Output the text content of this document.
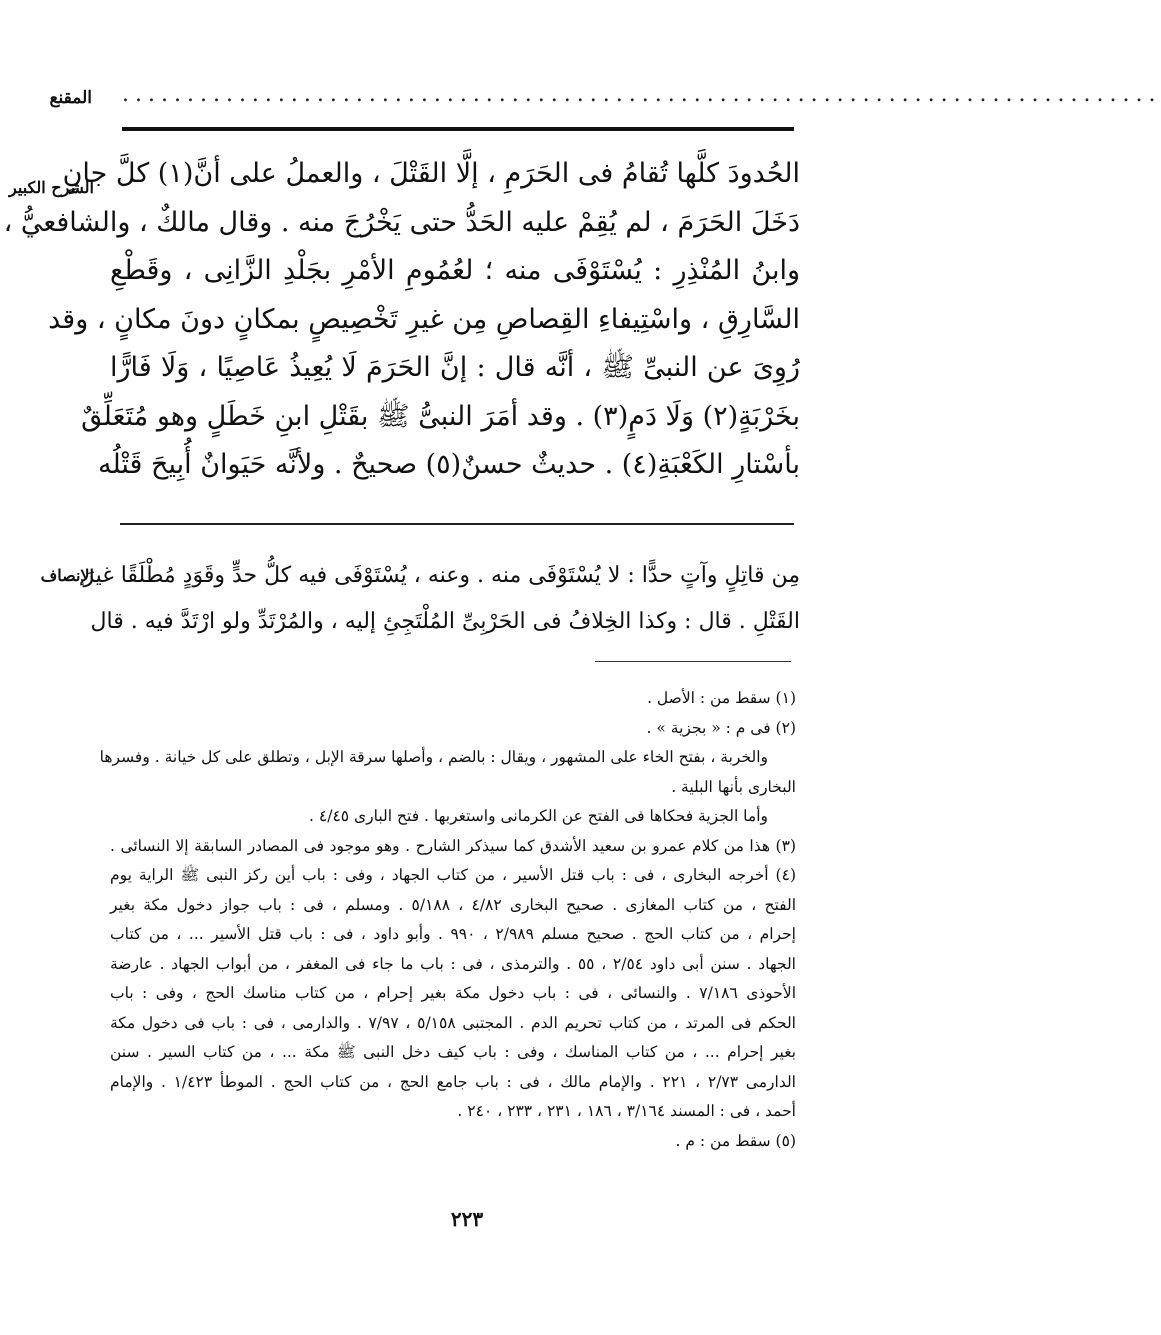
المقنع ................................................................................
الشرح الكبير
الإنصاف
الحُدودَ كلَّها تُقامُ فى الحَرَمِ ، إلَّا القَتْلَ ، والعملُ على أنَّ(١) كلَّ جانٍ
دَخَلَ الحَرَمَ ، لم يُقِمْ عليه الحَدُّ حتى يَخْرُجَ منه . وقال مالكٌ ، والشافعيُّ ،
وابنُ المُنْذِرِ : يُسْتَوْفَى منه ؛ لعُمُومِ الأمْرِ بجَلْدِ الزَّانِى ، وقَطْعِ
السَّارِقِ ، واسْتِيفاءِ القِصاصِ مِن غيرِ تَخْصِيصٍ بمكانٍ دونَ مكانٍ ، وقد
رُوِىَ عن النبىِّ ﷺ ، أنَّه قال : إنَّ الحَرَمَ لَا يُعِيذُ عَاصِيًا ، وَلَا فَارًّا
بخَرْبَةٍ(٢) وَلَا دَمٍ(٣) . وقد أمَرَ النبىُّ ﷺ بقَتْلِ ابنِ خَطَلٍ وهو مُتَعَلِّقٌ
بأسْتارِ الكَعْبَةِ(٤) . حديثٌ حسنٌ(٥) صحيحٌ . ولأنَّه حَيَوانٌ أُبِيحَ قَتْلُه
مِن قاتِلٍ وآتٍ حدًّا : لا يُسْتَوْفَى منه . وعنه ، يُسْتَوْفَى فيه كلُّ حدٍّ وقَوَدٍ مُطْلَقًا غيرَ
القَتْلِ . قال : وكذا الخِلافُ فى الحَرْبِىِّ المُلْتَجِئِ إليه ، والمُرْتَدِّ ولو ارْتَدَّ فيه . قال
(١) سقط من : الأصل .
(٢) فى م : « بجزية » .
والخربة ، بفتح الخاء على المشهور ، ويقال : بالضم ، وأصلها سرقة الإبل ، وتطلق على كل خيانة . وفسرها
البخارى بأنها البلية .
وأما الجزية فحكاها فى الفتح عن الكرمانى واستغربها . فتح البارى ٤/٤٥ .
(٣) هذا من كلام عمرو بن سعيد الأشدق كما سيذكر الشارح . وهو موجود فى المصادر السابقة إلا النسائى .
(٤) أخرجه البخارى ، فى : باب قتل الأسير ، من كتاب الجهاد ، وفى : باب أين ركز النبى ﷺ الراية يوم
الفتح ، من كتاب المغازى . صحيح البخارى ٤/٨٢ ، ٥/١٨٨ . ومسلم ، فى : باب جواز دخول مكة بغير
إحرام ، من كتاب الحج . صحيح مسلم ٢/٩٨٩ ، ٩٩٠ . وأبو داود ، فى : باب قتل الأسير ... ، من كتاب
الجهاد . سنن أبى داود ٢/٥٤ ، ٥٥ . والترمذى ، فى : باب ما جاء فى المغفر ، من أبواب الجهاد . عارضة
الأحوذى ٧/١٨٦ . والنسائى ، فى : باب دخول مكة بغير إحرام ، من كتاب مناسك الحج ، وفى : باب
الحكم فى المرتد ، من كتاب تحريم الدم . المجتبى ٥/١٥٨ ، ٧/٩٧ . والدارمى ، فى : باب فى دخول مكة
بغير إحرام ... ، من كتاب المناسك ، وفى : باب كيف دخل النبى ﷺ مكة ... ، من كتاب السير . سنن
الدارمى ٢/٧٣ ، ٢٢١ . والإمام مالك ، فى : باب جامع الحج ، من كتاب الحج . الموطأ ١/٤٢٣ . والإمام
أحمد ، فى : المسند ٣/١٦٤ ، ١٨٦ ، ٢٣١ ، ٢٣٣ ، ٢٤٠ .
(٥) سقط من : م .
٢٢٣
